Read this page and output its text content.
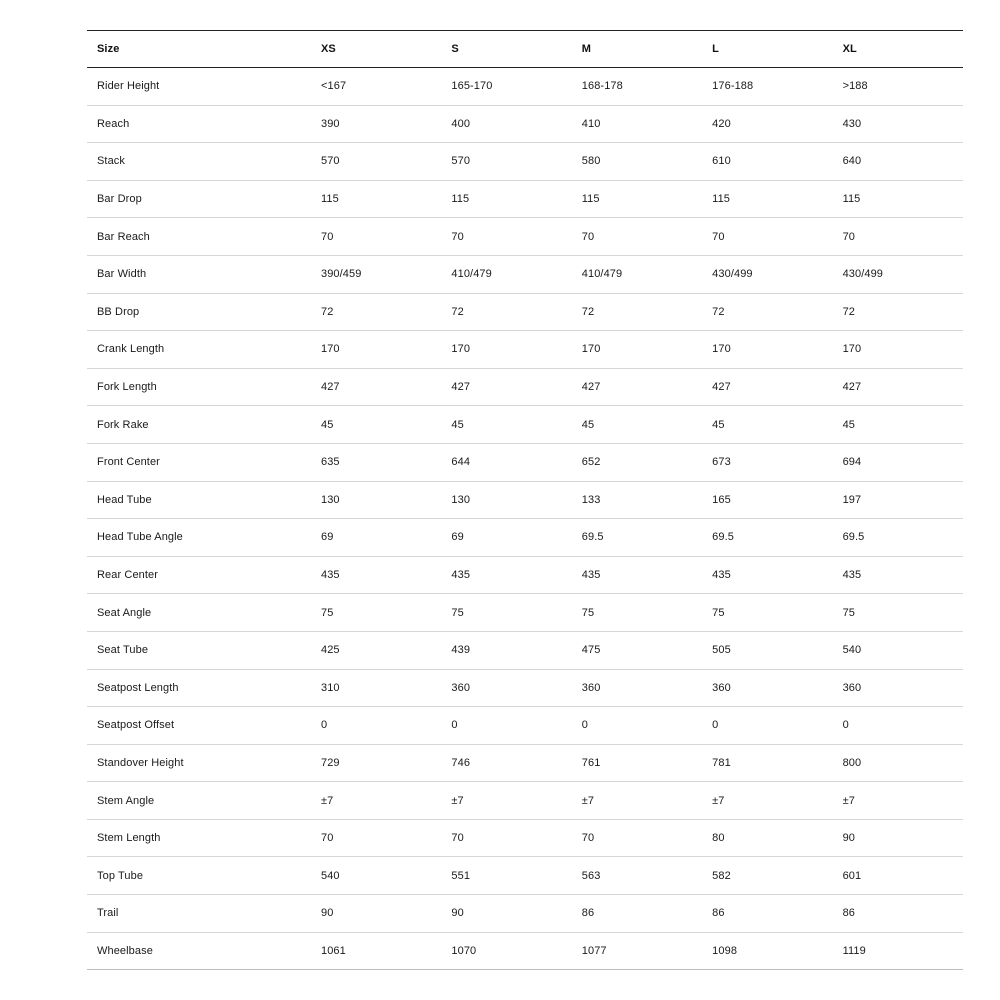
Size	XS	S	M	L	XL
Rider Height	<167	165-170	168-178	176-188	>188
Reach	390	400	410	420	430
Stack	570	570	580	610	640
Bar Drop	115	115	115	115	115
Bar Reach	70	70	70	70	70
Bar Width	390/459	410/479	410/479	430/499	430/499
BB Drop	72	72	72	72	72
Crank Length	170	170	170	170	170
Fork Length	427	427	427	427	427
Fork Rake	45	45	45	45	45
Front Center	635	644	652	673	694
Head Tube	130	130	133	165	197
Head Tube Angle	69	69	69.5	69.5	69.5
Rear Center	435	435	435	435	435
Seat Angle	75	75	75	75	75
Seat Tube	425	439	475	505	540
Seatpost Length	310	360	360	360	360
Seatpost Offset	0	0	0	0	0
Standover Height	729	746	761	781	800
Stem Angle	±7	±7	±7	±7	±7
Stem Length	70	70	70	80	90
Top Tube	540	551	563	582	601
Trail	90	90	86	86	86
Wheelbase	1061	1070	1077	1098	1119
